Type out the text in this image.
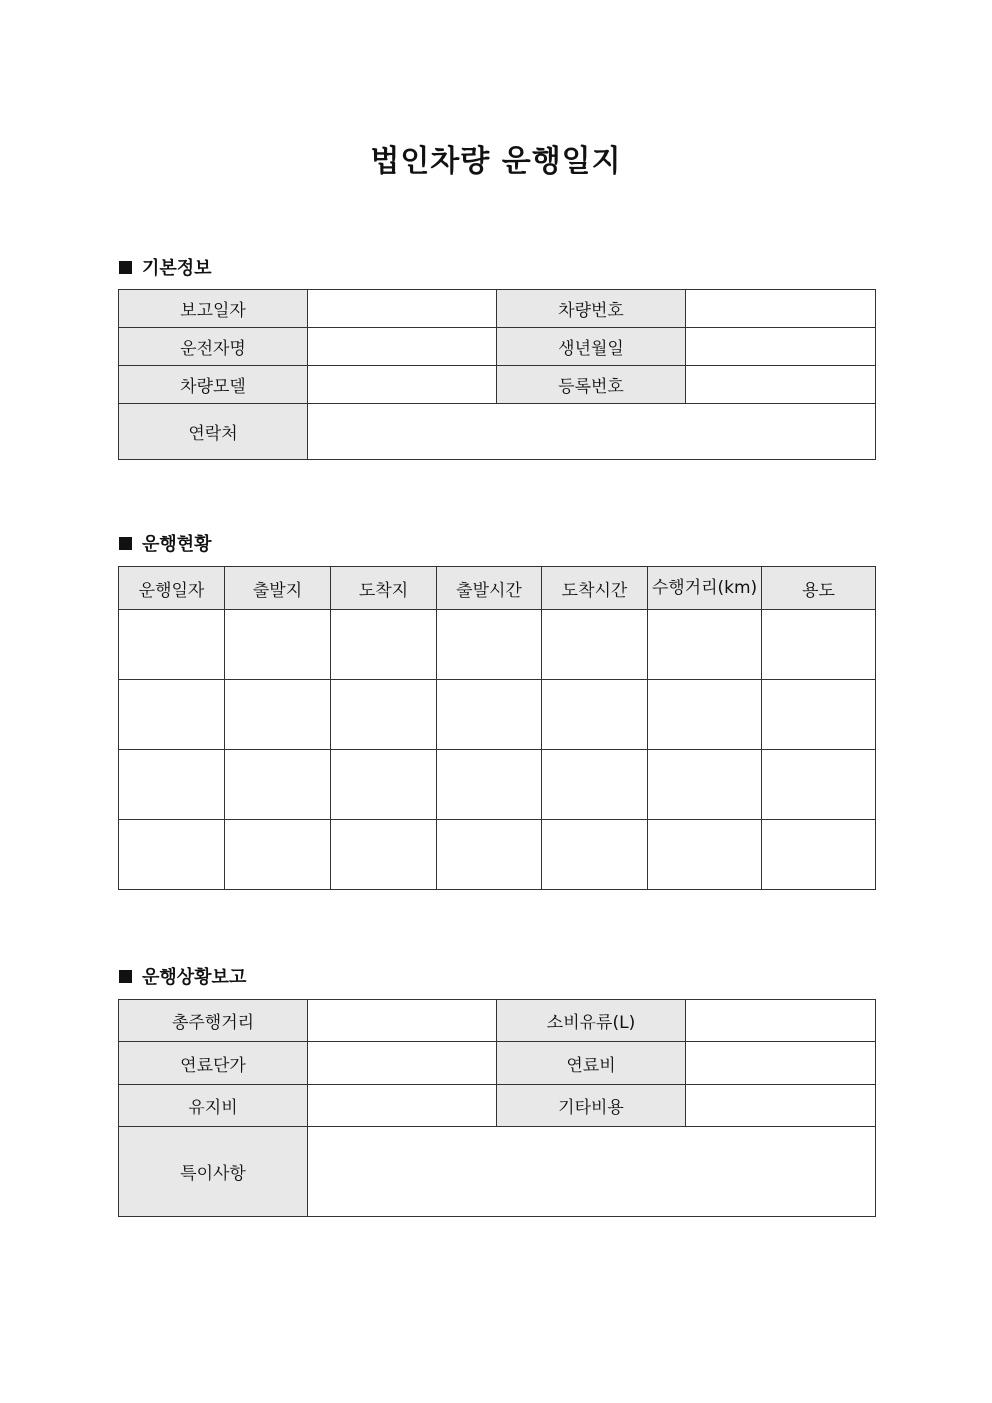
법인차량 운행일지
기본정보
보고일자		차량번호	
운전자명		생년월일	
차량모델		등록번호	
연락처			
운행현황
운행일자	출발지	도착지	출발시간	도착시간	수행거리(km)	용도

운행상황보고
총주행거리		소비유류(L)	
연료단가		연료비	
유지비		기타비용	
특이사항			
